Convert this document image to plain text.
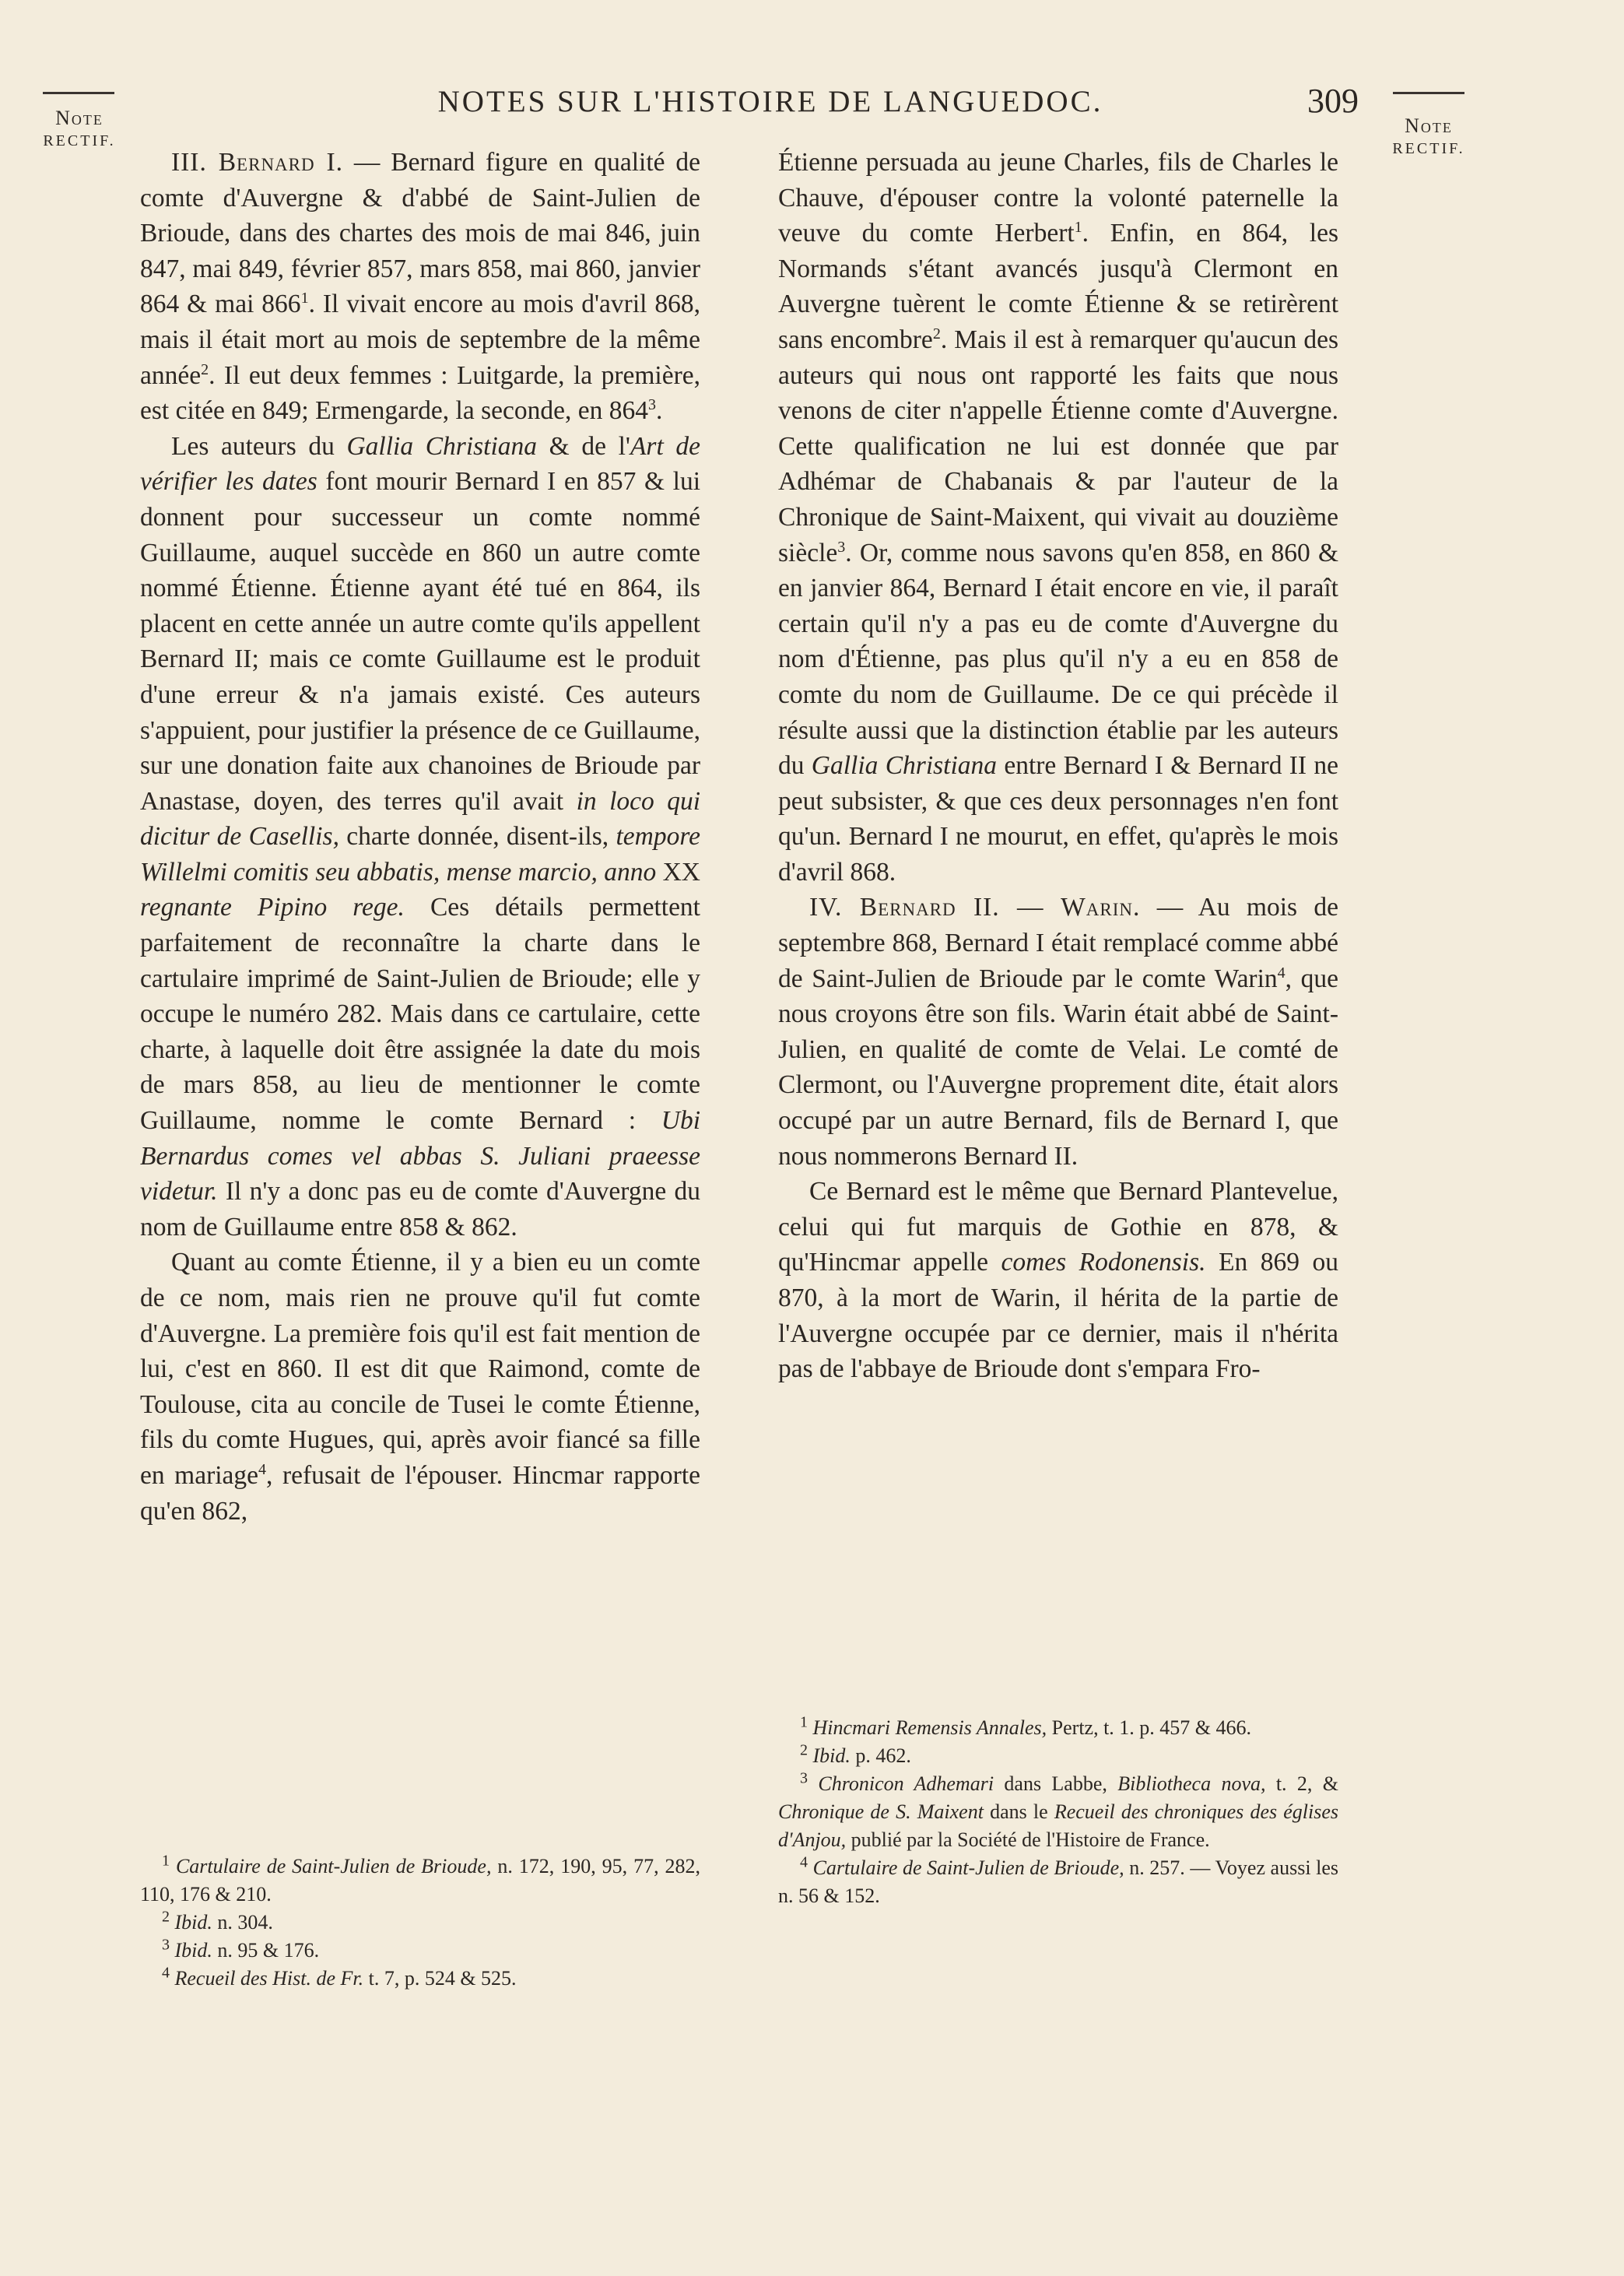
Note
RECTIF.
NOTES SUR L'HISTOIRE DE LANGUEDOC.	309
Note
RECTIF.

III. Bernard I. — Bernard figure en qualité de comte d'Auvergne & d'abbé de Saint-Julien de Brioude, dans des chartes des mois de mai 846, juin 847, mai 849, février 857, mars 858, mai 860, janvier 864 & mai $866^1$. Il vivait encore au mois d'avril 868, mais il était mort au mois de septembre de la même année$^2$. Il eut deux femmes : Luitgarde, la première, est citée en 849; Ermengarde, la seconde, en $864^3$.

Les auteurs du Gallia Christiana & de l'Art de vérifier les dates font mourir Bernard I en 857 & lui donnent pour successeur un comte nommé Guillaume, auquel succède en 860 un autre comte nommé Étienne. Étienne ayant été tué en 864, ils placent en cette année un autre comte qu'ils appellent Bernard II; mais ce comte Guillaume est le produit d'une erreur & n'a jamais existé. Ces auteurs s'appuient, pour justifier la présence de ce Guillaume, sur une donation faite aux chanoines de Brioude par Anastase, doyen, des terres qu'il avait in loco qui dicitur de Casellis, charte donnée, disent-ils, tempore Willelmi comitis seu abbatis, mense marcio, anno XX regnante Pipino rege. Ces détails permettent parfaitement de reconnaître la charte dans le cartulaire imprimé de Saint-Julien de Brioude; elle y occupe le numéro 282. Mais dans ce cartulaire, cette charte, à laquelle doit être assignée la date du mois de mars 858, au lieu de mentionner le comte Guillaume, nomme le comte Bernard : Ubi Bernardus comes vel abbas S. Juliani praeesse videtur. Il n'y a donc pas eu de comte d'Auvergne du nom de Guillaume entre 858 & 862.

Quant au comte Étienne, il y a bien eu un comte de ce nom, mais rien ne prouve qu'il fut comte d'Auvergne. La première fois qu'il est fait mention de lui, c'est en 860. Il est dit que Raimond, comte de Toulouse, cita au concile de Tusei le comte Étienne, fils du comte Hugues, qui, après avoir fiancé sa fille en mariage$^4$, refusait de l'épouser. Hincmar rapporte qu'en 862,

$^1$ Cartulaire de Saint-Julien de Brioude, n. 172, 190, 95, 77, 282, 110, 176 & 210.

$^2$ Ibid. n. 304.

$^3$ Ibid. n. 95 & 176.

$^4$ Recueil des Hist. de Fr. t. 7, p. 524 & 525.

Étienne persuada au jeune Charles, fils de Charles le Chauve, d'épouser contre la volonté paternelle la veuve du comte Herbert$^1$. Enfin, en 864, les Normands s'étant avancés jusqu'à Clermont en Auvergne tuèrent le comte Étienne & se retirèrent sans encombre$^2$. Mais il est à remarquer qu'aucun des auteurs qui nous ont rapporté les faits que nous venons de citer n'appelle Étienne comte d'Auvergne. Cette qualification ne lui est donnée que par Adhémar de Chabanais & par l'auteur de la Chronique de Saint-Maixent, qui vivait au douzième siècle$^3$. Or, comme nous savons qu'en 858, en 860 & en janvier 864, Bernard I était encore en vie, il paraît certain qu'il n'y a pas eu de comte d'Auvergne du nom d'Étienne, pas plus qu'il n'y a eu en 858 de comte du nom de Guillaume. De ce qui précède il résulte aussi que la distinction établie par les auteurs du Gallia Christiana entre Bernard I & Bernard II ne peut subsister, & que ces deux personnages n'en font qu'un. Bernard I ne mourut, en effet, qu'après le mois d'avril 868.

IV. Bernard II. — Warin. — Au mois de septembre 868, Bernard I était remplacé comme abbé de Saint-Julien de Brioude par le comte Warin$^4$, que nous croyons être son fils. Warin était abbé de Saint-Julien, en qualité de comte de Velai. Le comté de Clermont, ou l'Auvergne proprement dite, était alors occupé par un autre Bernard, fils de Bernard I, que nous nommerons Bernard II.

Ce Bernard est le même que Bernard Plantevelue, celui qui fut marquis de Gothie en 878, & qu'Hincmar appelle comes Rodonensis. En 869 ou 870, à la mort de Warin, il hérita de la partie de l'Auvergne occupée par ce dernier, mais il n'hérita pas de l'abbaye de Brioude dont s'empara Fro-

$^1$ Hincmari Remensis Annales, Pertz, t. 1. p. 457 & 466.

$^2$ Ibid. p. 462.

$^3$ Chronicon Adhemari dans Labbe, Bibliotheca nova, t. 2, & Chronique de S. Maixent dans le Recueil des chroniques des églises d'Anjou, publié par la Société de l'Histoire de France.

$^4$ Cartulaire de Saint-Julien de Brioude, n. 257. — Voyez aussi les n. 56 & 152.
